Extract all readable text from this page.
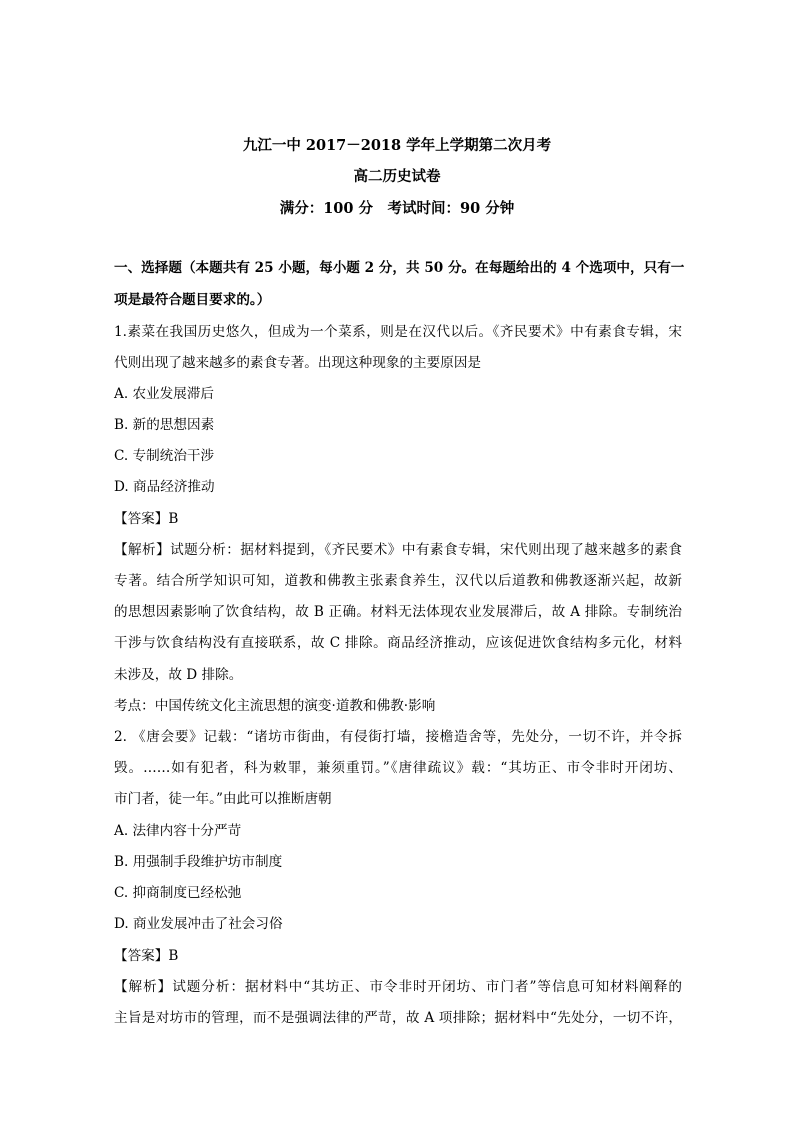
九江一中 2017－2018 学年上学期第二次月考
高二历史试卷
满分：100 分　考试时间：90 分钟
一、选择题（本题共有 25 小题，每小题 2 分，共 50 分。在每题给出的 4 个选项中，只有一
项是最符合题目要求的。）
1.素菜在我国历史悠久，但成为一个菜系，则是在汉代以后。《齐民要术》中有素食专辑，宋
代则出现了越来越多的素食专著。出现这种现象的主要原因是
A. 农业发展滞后
B. 新的思想因素
C. 专制统治干涉
D. 商品经济推动
【答案】B
【解析】试题分析：据材料提到，《齐民要术》中有素食专辑，宋代则出现了越来越多的素食
专著。结合所学知识可知，道教和佛教主张素食养生，汉代以后道教和佛教逐渐兴起，故新
的思想因素影响了饮食结构，故 B 正确。材料无法体现农业发展滞后，故 A 排除。专制统治
干涉与饮食结构没有直接联系，故 C 排除。商品经济推动，应该促进饮食结构多元化，材料
未涉及，故 D 排除。
考点：中国传统文化主流思想的演变·道教和佛教·影响
2. 《唐会要》记载：“诸坊市街曲，有侵街打墙，接檐造舍等，先处分，一切不许，并令拆
毁。……如有犯者，科为敕罪，兼须重罚。”《唐律疏议》载：“其坊正、市令非时开闭坊、
市门者，徒一年。”由此可以推断唐朝
A. 法律内容十分严苛
B. 用强制手段维护坊市制度
C. 抑商制度已经松弛
D. 商业发展冲击了社会习俗
【答案】B
【解析】试题分析：据材料中“其坊正、市令非时开闭坊、市门者”等信息可知材料阐释的
主旨是对坊市的管理，而不是强调法律的严苛，故 A 项排除；据材料中“先处分，一切不许，
